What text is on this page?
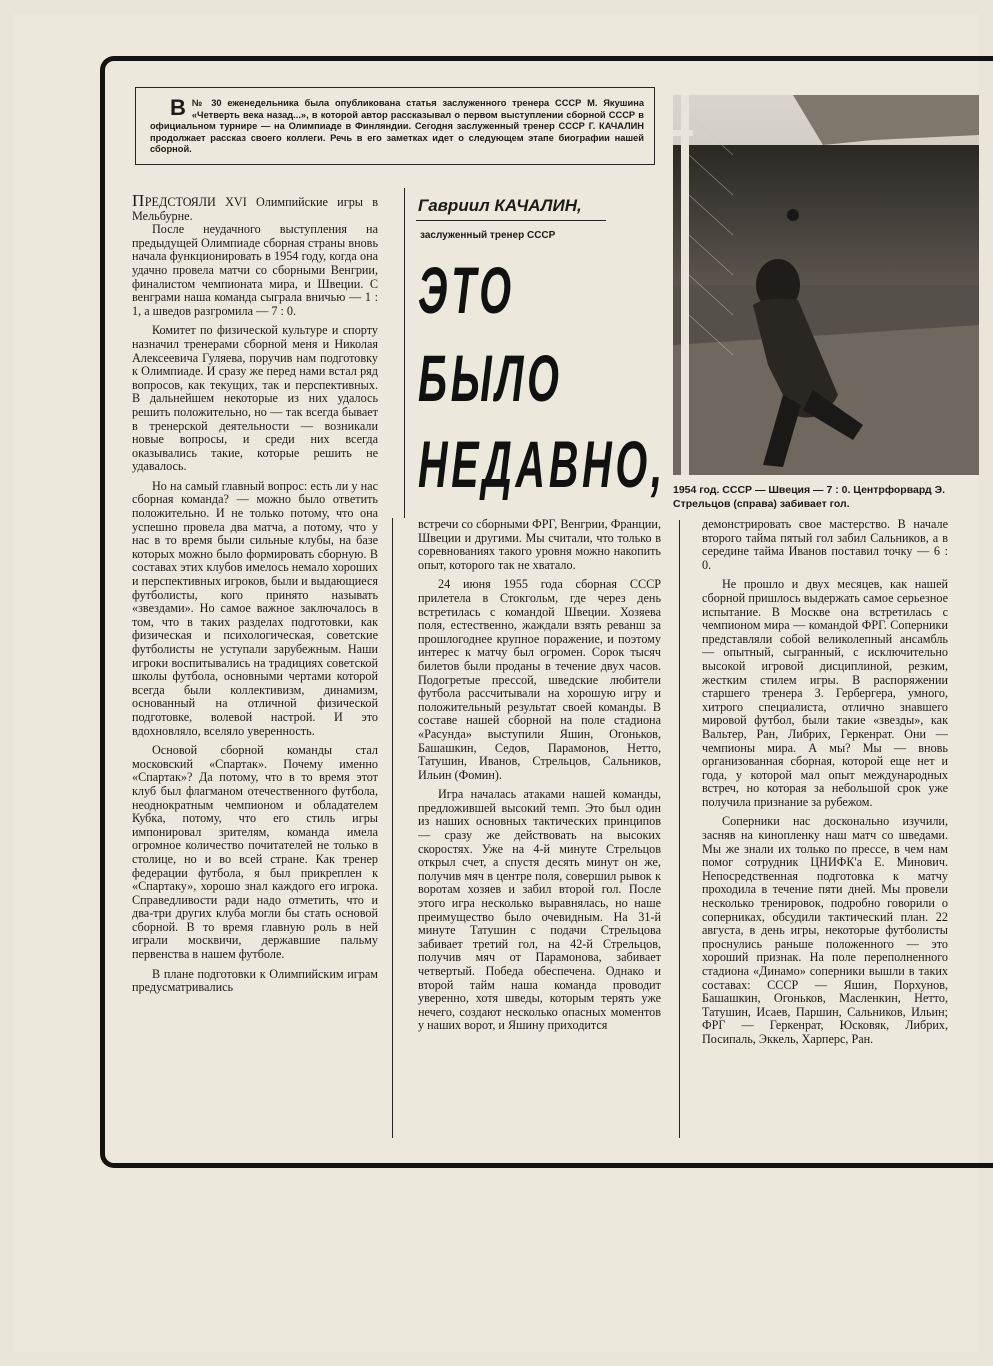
В № 30 еженедельника была опубликована статья заслуженного тренера СССР М. Якушина «Четверть века назад...», в которой автор рассказывал о первом выступлении сборной СССР в официальном турнире — на Олимпиаде в Финляндии. Сегодня заслуженный тренер СССР Г. КАЧАЛИН продолжает рассказ своего коллеги. Речь в его заметках идет о следующем этапе биографии нашей сборной.
1954 год. СССР — Швеция — 7 : 0. Центрфорвард Э. Стрельцов (справа) забивает гол.
Гавриил КАЧАЛИН,
заслуженный тренер СССР
ЭТО
БЫЛО
НЕДАВНО,

ПРЕДСТОЯЛИ XVI Олимпийские игры в Мельбурне.

После неудачного выступления на предыдущей Олимпиаде сборная страны вновь начала функционировать в 1954 году, когда она удачно провела матчи со сборными Венгрии, финалистом чемпионата мира, и Швеции. С венграми наша команда сыграла вничью — 1 : 1, а шведов разгромила — 7 : 0.

Комитет по физической культуре и спорту назначил тренерами сборной меня и Николая Алексеевича Гуляева, поручив нам подготовку к Олимпиаде. И сразу же перед нами встал ряд вопросов, как текущих, так и перспективных. В дальнейшем некоторые из них удалось решить положительно, но — так всегда бывает в тренерской деятельности — возникали новые вопросы, и среди них всегда оказывались такие, которые решить не удавалось.

Но на самый главный вопрос: есть ли у нас сборная команда? — можно было ответить положительно. И не только потому, что она успешно провела два матча, а потому, что у нас в то время были сильные клубы, на базе которых можно было формировать сборную. В составах этих клубов имелось немало хороших и перспективных игроков, были и выдающиеся футболисты, кого принято называть «звездами». Но самое важное заключалось в том, что в таких разделах подготовки, как физическая и психологическая, советские футболисты не уступали зарубежным. Наши игроки воспитывались на традициях советской школы футбола, основными чертами которой всегда были коллективизм, динамизм, основанный на отличной физической подготовке, волевой настрой. И это вдохновляло, вселяло уверенность.

Основой сборной команды стал московский «Спартак». Почему именно «Спартак»? Да потому, что в то время этот клуб был флагманом отечественного футбола, неоднократным чемпионом и обладателем Кубка, потому, что его стиль игры импонировал зрителям, команда имела огромное количество почитателей не только в столице, но и во всей стране. Как тренер федерации футбола, я был прикреплен к «Спартаку», хорошо знал каждого его игрока. Справедливости ради надо отметить, что и два-три других клуба могли бы стать основой сборной. В то время главную роль в ней играли москвичи, державшие пальму первенства в нашем футболе.

В плане подготовки к Олимпийским играм предусматривались

встречи со сборными ФРГ, Венгрии, Франции, Швеции и другими. Мы считали, что только в соревнованиях такого уровня можно накопить опыт, которого так не хватало.

24 июня 1955 года сборная СССР прилетела в Стокгольм, где через день встретилась с командой Швеции. Хозяева поля, естественно, жаждали взять реванш за прошлогоднее крупное поражение, и поэтому интерес к матчу был огромен. Сорок тысяч билетов были проданы в течение двух часов. Подогретые прессой, шведские любители футбола рассчитывали на хорошую игру и положительный результат своей команды. В составе нашей сборной на поле стадиона «Расунда» выступили Яшин, Огоньков, Башашкин, Седов, Парамонов, Нетто, Татушин, Иванов, Стрельцов, Сальников, Ильин (Фомин).

Игра началась атаками нашей команды, предложившей высокий темп. Это был один из наших основных тактических принципов — сразу же действовать на высоких скоростях. Уже на 4-й минуте Стрельцов открыл счет, а спустя десять минут он же, получив мяч в центре поля, совершил рывок к воротам хозяев и забил второй гол. После этого игра несколько выравнялась, но наше преимущество было очевидным. На 31-й минуте Татушин с подачи Стрельцова забивает третий гол, на 42-й Стрельцов, получив мяч от Парамонова, забивает четвертый. Победа обеспечена. Однако и второй тайм наша команда проводит уверенно, хотя шведы, которым терять уже нечего, создают несколько опасных моментов у наших ворот, и Яшину приходится

демонстрировать свое мастерство. В начале второго тайма пятый гол забил Сальников, а в середине тайма Иванов поставил точку — 6 : 0.

Не прошло и двух месяцев, как нашей сборной пришлось выдержать самое серьезное испытание. В Москве она встретилась с чемпионом мира — командой ФРГ. Соперники представляли собой великолепный ансамбль — опытный, сыгранный, с исключительно высокой игровой дисциплиной, резким, жестким стилем игры. В распоряжении старшего тренера З. Гербергера, умного, хитрого специалиста, отлично знавшего мировой футбол, были такие «звезды», как Вальтер, Ран, Либрих, Геркенрат. Они — чемпионы мира. А мы? Мы — вновь организованная сборная, которой еще нет и года, у которой мал опыт международных встреч, но которая за небольшой срок уже получила признание за рубежом.

Соперники нас досконально изучили, засняв на кинопленку наш матч со шведами. Мы же знали их только по прессе, в чем нам помог сотрудник ЦНИФК'а Е. Минович. Непосредственная подготовка к матчу проходила в течение пяти дней. Мы провели несколько тренировок, подробно говорили о соперниках, обсудили тактический план. 22 августа, в день игры, некоторые футболисты проснулись раньше положенного — это хороший признак. На поле переполненного стадиона «Динамо» соперники вышли в таких составах: СССР — Яшин, Порхунов, Башашкин, Огоньков, Масленкин, Нетто, Татушин, Исаев, Паршин, Сальников, Ильин; ФРГ — Геркенрат, Юсковяк, Либрих, Посипаль, Эккель, Харперс, Ран.
